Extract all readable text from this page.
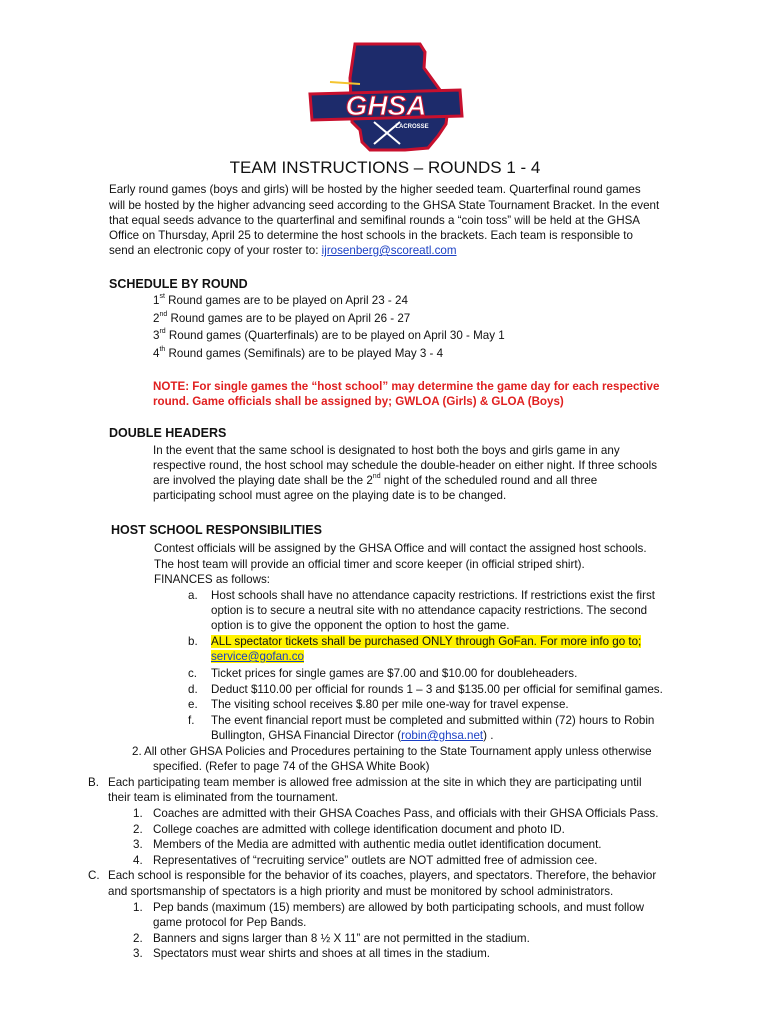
GHSA
LACROSSE
TEAM INSTRUCTIONS – ROUNDS 1 - 4
Early round games (boys and girls) will be hosted by the higher seeded team. Quarterfinal round games
will be hosted by the higher advancing seed according to the GHSA State Tournament Bracket. In the event
that equal seeds advance to the quarterfinal and semifinal rounds a “coin toss” will be held at the GHSA
Office on Thursday, April 25 to determine the host schools in the brackets. Each team is responsible to
send an electronic copy of your roster to: ijrosenberg@scoreatl.com
SCHEDULE BY ROUND
1st Round games are to be played on April 23 - 24
2nd Round games are to be played on April 26 - 27
3rd Round games (Quarterfinals) are to be played on April 30 - May 1
4th Round games (Semifinals) are to be played May 3 - 4
NOTE: For single games the “host school” may determine the game day for each respective
round. Game officials shall be assigned by; GWLOA (Girls) & GLOA (Boys)
DOUBLE HEADERS
In the event that the same school is designated to host both the boys and girls game in any
respective round, the host school may schedule the double-header on either night. If three schools
are involved the playing date shall be the 2nd night of the scheduled round and all three
participating school must agree on the playing date is to be changed.
HOST SCHOOL RESPONSIBILITIES
Contest officials will be assigned by the GHSA Office and will contact the assigned host schools.
The host team will provide an official timer and score keeper (in official striped shirt).
FINANCES as follows:
a. Host schools shall have no attendance capacity restrictions. If restrictions exist the first
option is to secure a neutral site with no attendance capacity restrictions. The second
option is to give the opponent the option to host the game.
b. ALL spectator tickets shall be purchased ONLY through GoFan. For more info go to;
service@gofan.co
c. Ticket prices for single games are $7.00 and $10.00 for doubleheaders.
d. Deduct $110.00 per official for rounds 1 – 3 and $135.00 per official for semifinal games.
e. The visiting school receives $.80 per mile one-way for travel expense.
f. The event financial report must be completed and submitted within (72) hours to Robin
Bullington, GHSA Financial Director (robin@ghsa.net) .
2. All other GHSA Policies and Procedures pertaining to the State Tournament apply unless otherwise
specified. (Refer to page 74 of the GHSA White Book)
B. Each participating team member is allowed free admission at the site in which they are participating until
their team is eliminated from the tournament.
1. Coaches are admitted with their GHSA Coaches Pass, and officials with their GHSA Officials Pass.
2. College coaches are admitted with college identification document and photo ID.
3. Members of the Media are admitted with authentic media outlet identification document.
4. Representatives of “recruiting service” outlets are NOT admitted free of admission cee.
C. Each school is responsible for the behavior of its coaches, players, and spectators. Therefore, the behavior
and sportsmanship of spectators is a high priority and must be monitored by school administrators.
1. Pep bands (maximum (15) members) are allowed by both participating schools, and must follow
game protocol for Pep Bands.
2. Banners and signs larger than 8 ½ X 11” are not permitted in the stadium.
3. Spectators must wear shirts and shoes at all times in the stadium.
